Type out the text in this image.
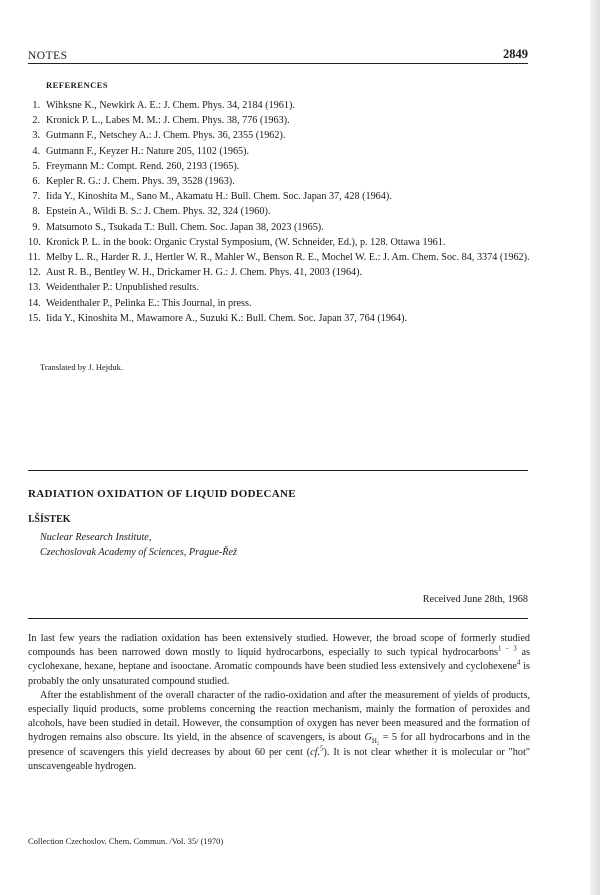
NOTES	2849
REFERENCES
1. Wihksne K., Newkirk A. E.: J. Chem. Phys. 34, 2184 (1961).
2. Kronick P. L., Labes M. M.: J. Chem. Phys. 38, 776 (1963).
3. Gutmann F., Netschey A.: J. Chem. Phys. 36, 2355 (1962).
4. Gutmann F., Keyzer H.: Nature 205, 1102 (1965).
5. Freymann M.: Compt. Rend. 260, 2193 (1965).
6. Kepler R. G.: J. Chem. Phys. 39, 3528 (1963).
7. Iida Y., Kinoshita M., Sano M., Akamatu H.: Bull. Chem. Soc. Japan 37, 428 (1964).
8. Epstein A., Wildi B. S.: J. Chem. Phys. 32, 324 (1960).
9. Matsumoto S., Tsukada T.: Bull. Chem. Soc. Japan 38, 2023 (1965).
10. Kronick P. L. in the book: Organic Crystal Symposium, (W. Schneider, Ed.), p. 128. Ottawa 1961.
11. Melby L. R., Harder R. J., Hertler W. R., Mahler W., Benson R. E., Mochel W. E.: J. Am. Chem. Soc. 84, 3374 (1962).
12. Aust R. B., Bentley W. H., Drickamer H. G.: J. Chem. Phys. 41, 2003 (1964).
13. Weidenthaler P.: Unpublished results.
14. Weidenthaler P., Pelinka E.: This Journal, in press.
15. Iida Y., Kinoshita M., Mawamore A., Suzuki K.: Bull. Chem. Soc. Japan 37, 764 (1964).
Translated by J. Hejduk.
RADIATION OXIDATION OF LIQUID DODECANE
I.ŠÍSTEK
Nuclear Research Institute,
Czechoslovak Academy of Sciences, Prague-Řež
Received June 28th, 1968

In last few years the radiation oxidation has been extensively studied. However, the broad scope of formerly studied compounds has been narrowed down mostly to liquid hydrocarbons, especially to such typical hydrocarbons$^{1 - 3}$ as cyclohexane, hexane, heptane and isooctane. Aromatic compounds have been studied less extensively and cyclohexene$^4$ is probably the only unsaturated compound studied.

After the establishment of the overall character of the radio-oxidation and after the measurement of yields of products, especially liquid products, some problems concerning the reaction mechanism, mainly the formation of peroxides and alcohols, have been studied in detail. However, the consumption of oxygen has never been measured and the formation of hydrogen remains also obscure. Its yield, in the absence of scavengers, is about $G_{H_2} = 5$ for all hydrocarbons and in the presence of scavengers this yield decreases by about 60 per cent (cf.$^5$). It is not clear whether it is molecular or "hot" unscavengeable hydrogen.

Collection Czechoslov. Chem. Commun. /Vol. 35/ (1970)
